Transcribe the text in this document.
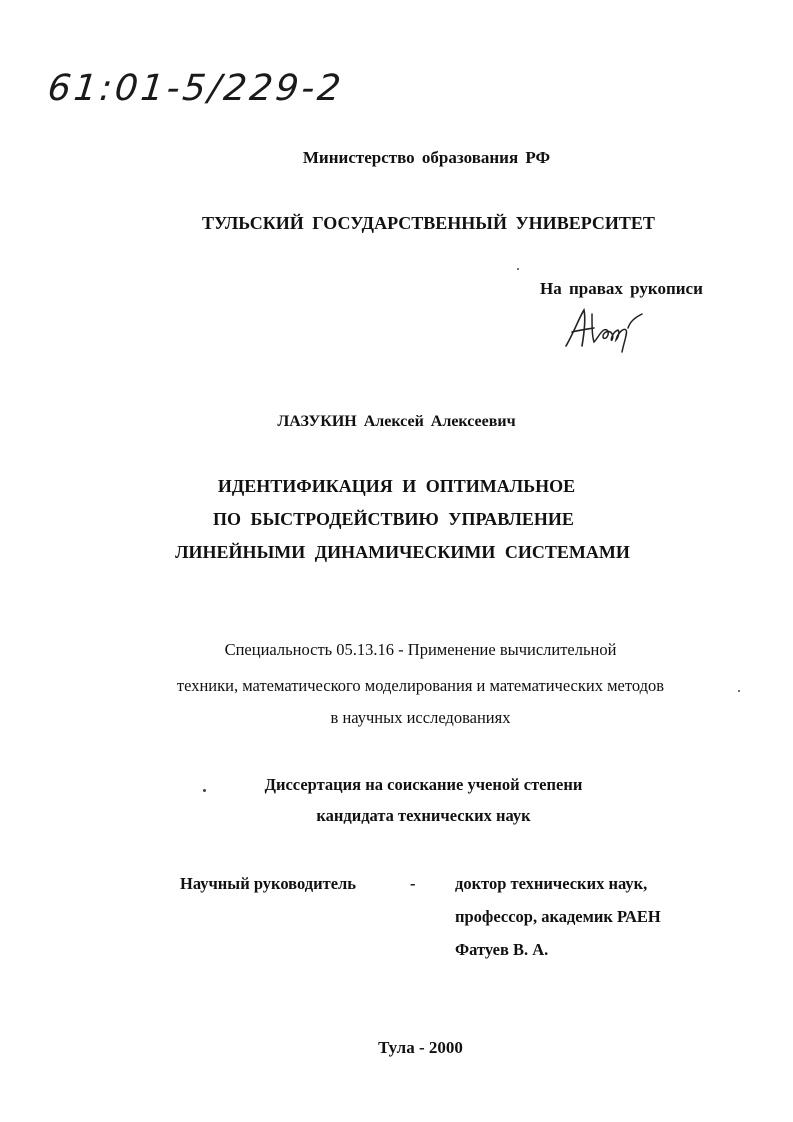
61:01-5/229-2
Министерство образования РФ
ТУЛЬСКИЙ ГОСУДАРСТВЕННЫЙ УНИВЕРСИТЕТ
На правах рукописи
ЛАЗУКИН Алексей Алексеевич
ИДЕНТИФИКАЦИЯ И ОПТИМАЛЬНОЕ
ПО БЫСТРОДЕЙСТВИЮ УПРАВЛЕНИЕ
ЛИНЕЙНЫМИ ДИНАМИЧЕСКИМИ СИСТЕМАМИ
Специальность 05.13.16 - Применение вычислительной
техники, математического моделирования и математических методов
в научных исследованиях
Диссертация на соискание ученой степени
кандидата технических наук
Научный руководитель	- доктор технических наук,
профессор, академик РАЕН
Фатуев В. А.
Тула - 2000
